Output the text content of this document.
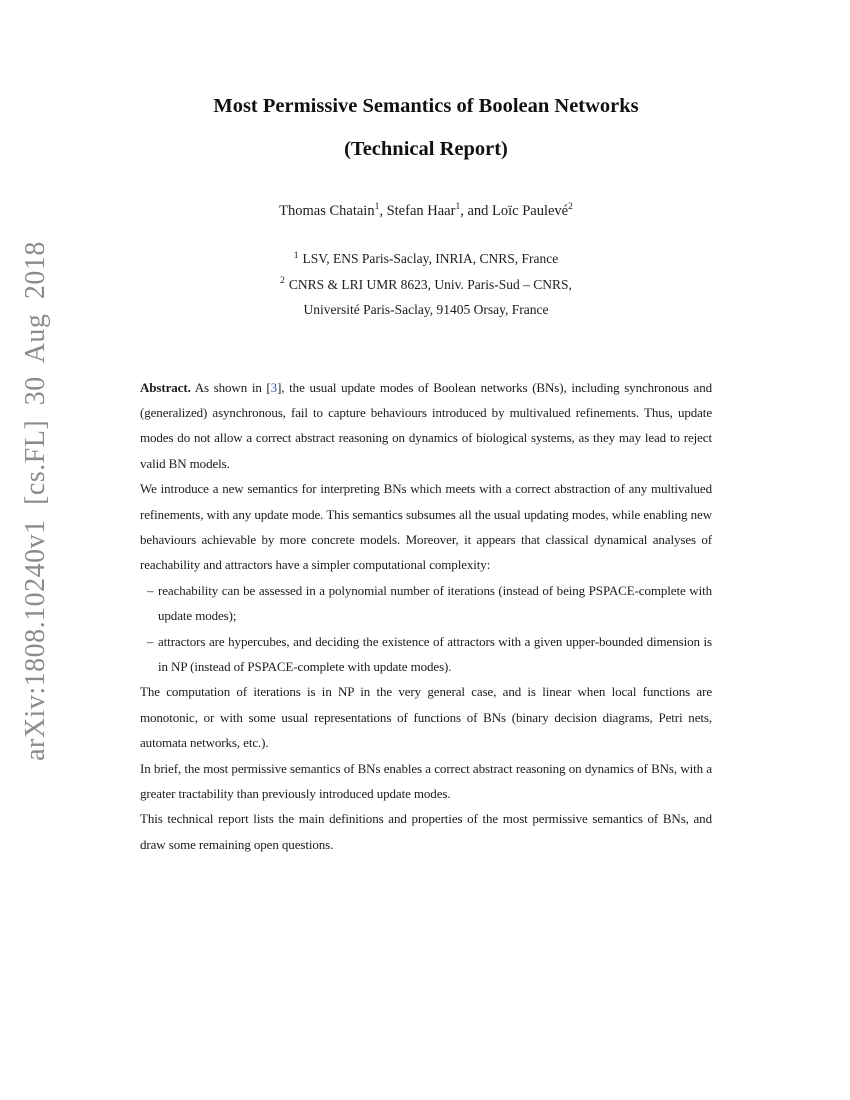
arXiv:1808.10240v1 [cs.FL] 30 Aug 2018
Most Permissive Semantics of Boolean Networks
(Technical Report)
Thomas Chatain$^1$, Stefan Haar$^1$, and Loïc Paulevé$^2$
$^1$ LSV, ENS Paris-Saclay, INRIA, CNRS, France
$^2$ CNRS & LRI UMR 8623, Univ. Paris-Sud – CNRS,
Université Paris-Saclay, 91405 Orsay, France

Abstract. As shown in [3], the usual update modes of Boolean networks (BNs), including synchronous and (generalized) asynchronous, fail to capture behaviours introduced by multivalued refinements. Thus, update modes do not allow a correct abstract reasoning on dynamics of biological systems, as they may lead to reject valid BN models.

We introduce a new semantics for interpreting BNs which meets with a correct abstraction of any multivalued refinements, with any update mode. This semantics subsumes all the usual updating modes, while enabling new behaviours achievable by more concrete models. Moreover, it appears that classical dynamical analyses of reachability and attractors have a simpler computational complexity:

– reachability can be assessed in a polynomial number of iterations (instead of being PSPACE-complete with update modes);
– attractors are hypercubes, and deciding the existence of attractors with a given upper-bounded dimension is in NP (instead of PSPACE-complete with update modes).

The computation of iterations is in NP in the very general case, and is linear when local functions are monotonic, or with some usual representations of functions of BNs (binary decision diagrams, Petri nets, automata networks, etc.).

In brief, the most permissive semantics of BNs enables a correct abstract reasoning on dynamics of BNs, with a greater tractability than previously introduced update modes.

This technical report lists the main definitions and properties of the most permissive semantics of BNs, and draw some remaining open questions.
